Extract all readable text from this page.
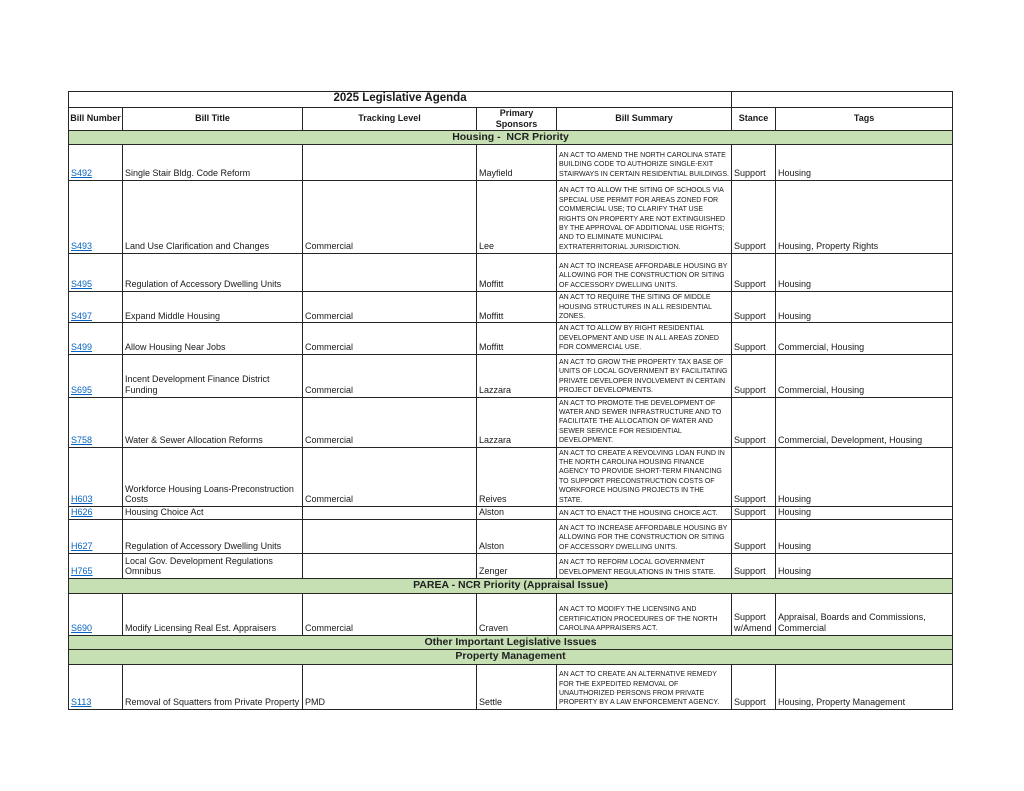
2025 Legislative Agenda						
Bill Number	Bill Title	Tracking Level	Primary Sponsors	Bill Summary	Stance	Tags
Housing -  NCR Priority						
S492	Single Stair Bldg. Code Reform		Mayfield	AN ACT TO AMEND THE NORTH CAROLINA STATE BUILDING CODE TO AUTHORIZE SINGLE-EXIT STAIRWAYS IN CERTAIN RESIDENTIAL BUILDINGS.	Support	Housing
S493	Land Use Clarification and Changes	Commercial	Lee	AN ACT TO ALLOW THE SITING OF SCHOOLS VIA SPECIAL USE PERMIT FOR AREAS ZONED FOR COMMERCIAL USE; TO CLARIFY THAT USE RIGHTS ON PROPERTY ARE NOT EXTINGUISHED BY THE APPROVAL OF ADDITIONAL USE RIGHTS; AND TO ELIMINATE MUNICIPAL EXTRATERRITORIAL JURISDICTION.	Support	Housing, Property Rights
S495	Regulation of Accessory Dwelling Units		Moffitt	AN ACT TO INCREASE AFFORDABLE HOUSING BY ALLOWING FOR THE CONSTRUCTION OR SITING OF ACCESSORY DWELLING UNITS.	Support	Housing
S497	Expand Middle Housing	Commercial	Moffitt	AN ACT TO REQUIRE THE SITING OF MIDDLE HOUSING STRUCTURES IN ALL RESIDENTIAL ZONES.	Support	Housing
S499	Allow Housing Near Jobs	Commercial	Moffitt	AN ACT TO ALLOW BY RIGHT RESIDENTIAL DEVELOPMENT AND USE IN ALL AREAS ZONED FOR COMMERCIAL USE.	Support	Commercial, Housing
S695	Incent Development Finance District Funding	Commercial	Lazzara	AN ACT TO GROW THE PROPERTY TAX BASE OF UNITS OF LOCAL GOVERNMENT BY FACILITATING PRIVATE DEVELOPER INVOLVEMENT IN CERTAIN PROJECT DEVELOPMENTS.	Support	Commercial, Housing
S758	Water & Sewer Allocation Reforms	Commercial	Lazzara	AN ACT TO PROMOTE THE DEVELOPMENT OF WATER AND SEWER INFRASTRUCTURE AND TO FACILITATE THE ALLOCATION OF WATER AND SEWER SERVICE FOR RESIDENTIAL DEVELOPMENT.	Support	Commercial, Development, Housing
H603	Workforce Housing Loans-Preconstruction Costs	Commercial	Reives	AN ACT TO CREATE A REVOLVING LOAN FUND IN THE NORTH CAROLINA HOUSING FINANCE AGENCY TO PROVIDE SHORT-TERM FINANCING TO SUPPORT PRECONSTRUCTION COSTS OF WORKFORCE HOUSING PROJECTS IN THE STATE.	Support	Housing
H626	Housing Choice Act		Alston	AN ACT TO ENACT THE HOUSING CHOICE ACT.	Support	Housing
H627	Regulation of Accessory Dwelling Units		Alston	AN ACT TO INCREASE AFFORDABLE HOUSING BY ALLOWING FOR THE CONSTRUCTION OR SITING OF ACCESSORY DWELLING UNITS.	Support	Housing
H765	Local Gov. Development Regulations Omnibus		Zenger	AN ACT TO REFORM LOCAL GOVERNMENT DEVELOPMENT REGULATIONS IN THIS STATE.	Support	Housing
PAREA - NCR Priority (Appraisal Issue)						
S690	Modify Licensing Real Est. Appraisers	Commercial	Craven	AN ACT TO MODIFY THE LICENSING AND CERTIFICATION PROCEDURES OF THE NORTH CAROLINA APPRAISERS ACT.	Support w/Amend	Appraisal, Boards and Commissions, Commercial
Other Important Legislative Issues						
Property Management						
S113	Removal of Squatters from Private Property	PMD	Settle	AN ACT TO CREATE AN ALTERNATIVE REMEDY FOR THE EXPEDITED REMOVAL OF UNAUTHORIZED PERSONS FROM PRIVATE PROPERTY BY A LAW ENFORCEMENT AGENCY.	Support	Housing, Property Management
